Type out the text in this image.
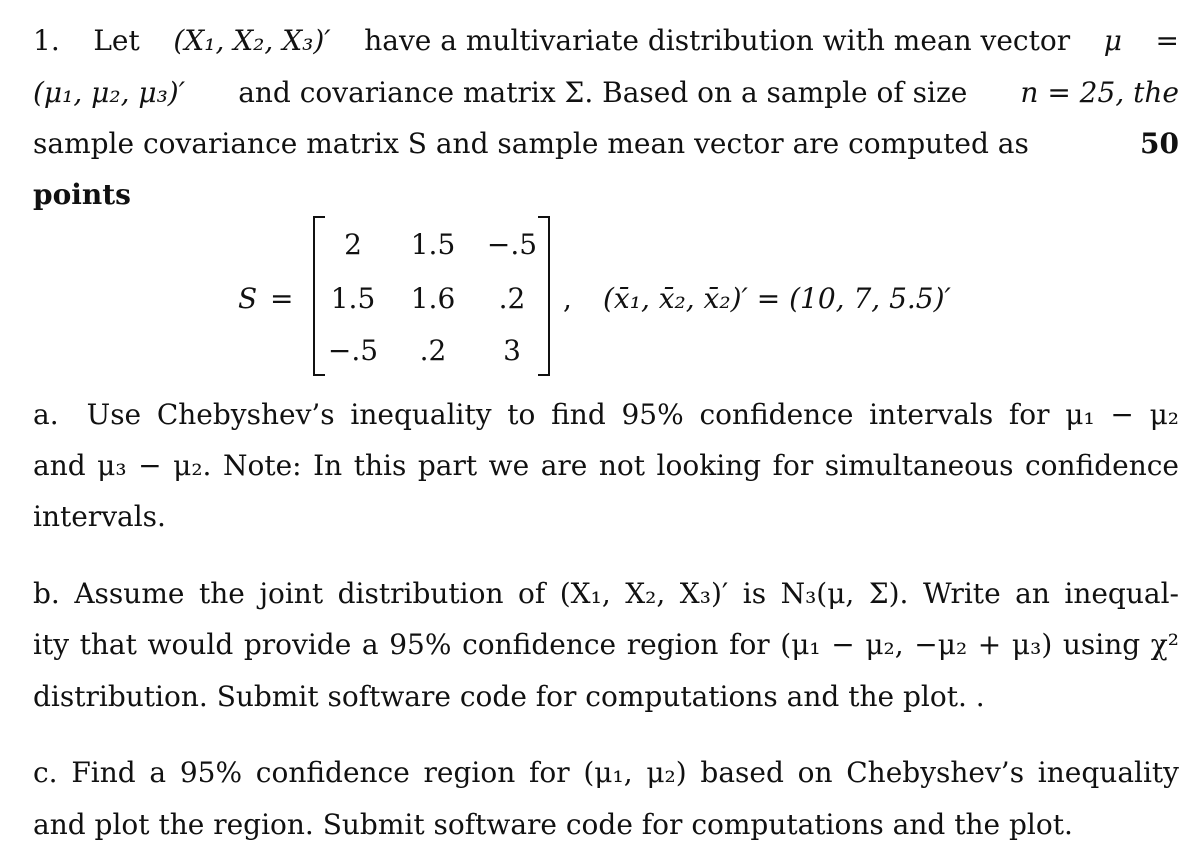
1. Let (X₁, X₂, X₃)′ have a multivariate distribution with mean vector μ =
(μ₁, μ₂, μ₃)′ and covariance matrix Σ. Based on a sample of size n = 25, the
sample covariance matrix S and sample mean vector are computed as	50
points
S =
2	1.5	−.5
1.5	1.6	.2
−.5	.2	3
, (x̄₁, x̄₂, x̄₂)′ = (10, 7, 5.5)′
a. Use Chebyshev’s inequality to find 95% confidence intervals for μ₁ − μ₂
and μ₃ − μ₂. Note: In this part we are not looking for simultaneous confidence
intervals.
b. Assume the joint distribution of (X₁, X₂, X₃)′ is N₃(μ, Σ). Write an inequal-
ity that would provide a 95% confidence region for (μ₁ − μ₂, −μ₂ + μ₃) using χ²
distribution. Submit software code for computations and the plot. .
c. Find a 95% confidence region for (μ₁, μ₂) based on Chebyshev’s inequality
and plot the region. Submit software code for computations and the plot.
